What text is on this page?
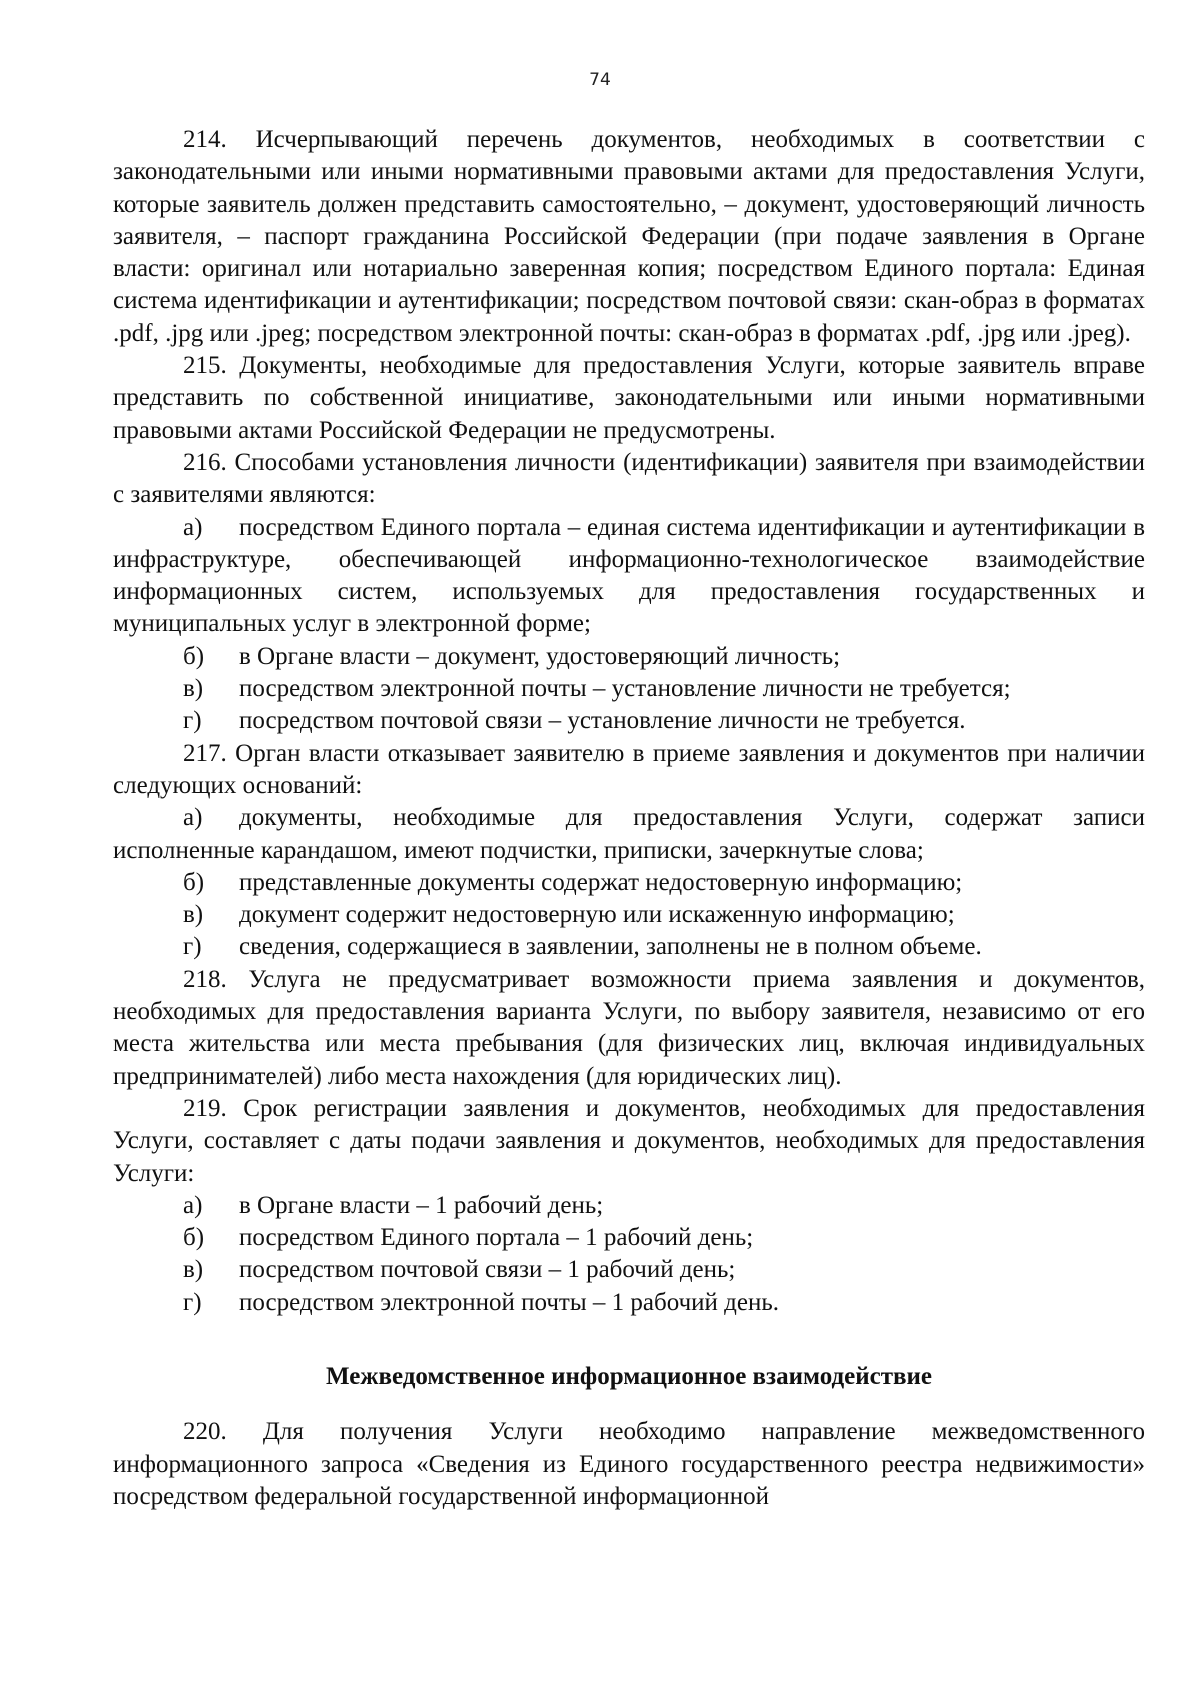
74

214. Исчерпывающий перечень документов, необходимых в соответствии с законодательными или иными нормативными правовыми актами для предоставления Услуги, которые заявитель должен представить самостоятельно, – документ, удостоверяющий личность заявителя, – паспорт гражданина Российской Федерации (при подаче заявления в Органе власти: оригинал или нотариально заверенная копия; посредством Единого портала: Единая система идентификации и аутентификации; посредством почтовой связи: скан-образ в форматах .pdf, .jpg или .jpeg; посредством электронной почты: скан-образ в форматах .pdf, .jpg или .jpeg).

215. Документы, необходимые для предоставления Услуги, которые заявитель вправе представить по собственной инициативе, законодательными или иными нормативными правовыми актами Российской Федерации не предусмотрены.

216. Способами установления личности (идентификации) заявителя при взаимодействии с заявителями являются:

а) посредством Единого портала – единая система идентификации и аутентификации в инфраструктуре, обеспечивающей информационно-технологическое взаимодействие информационных систем, используемых для предоставления государственных и муниципальных услуг в электронной форме;

б) в Органе власти – документ, удостоверяющий личность;

в) посредством электронной почты – установление личности не требуется;

г) посредством почтовой связи – установление личности не требуется.

217. Орган власти отказывает заявителю в приеме заявления и документов при наличии следующих оснований:

а) документы, необходимые для предоставления Услуги, содержат записи исполненные карандашом, имеют подчистки, приписки, зачеркнутые слова;

б) представленные документы содержат недостоверную информацию;

в) документ содержит недостоверную или искаженную информацию;

г) сведения, содержащиеся в заявлении, заполнены не в полном объеме.

218. Услуга не предусматривает возможности приема заявления и документов, необходимых для предоставления варианта Услуги, по выбору заявителя, независимо от его места жительства или места пребывания (для физических лиц, включая индивидуальных предпринимателей) либо места нахождения (для юридических лиц).

219. Срок регистрации заявления и документов, необходимых для предоставления Услуги, составляет с даты подачи заявления и документов, необходимых для предоставления Услуги:

а) в Органе власти – 1 рабочий день;

б) посредством Единого портала – 1 рабочий день;

в) посредством почтовой связи – 1 рабочий день;

г) посредством электронной почты – 1 рабочий день.

Межведомственное информационное взаимодействие

220. Для получения Услуги необходимо направление межведомственного информационного запроса «Сведения из Единого государственного реестра недвижимости» посредством федеральной государственной информационной
